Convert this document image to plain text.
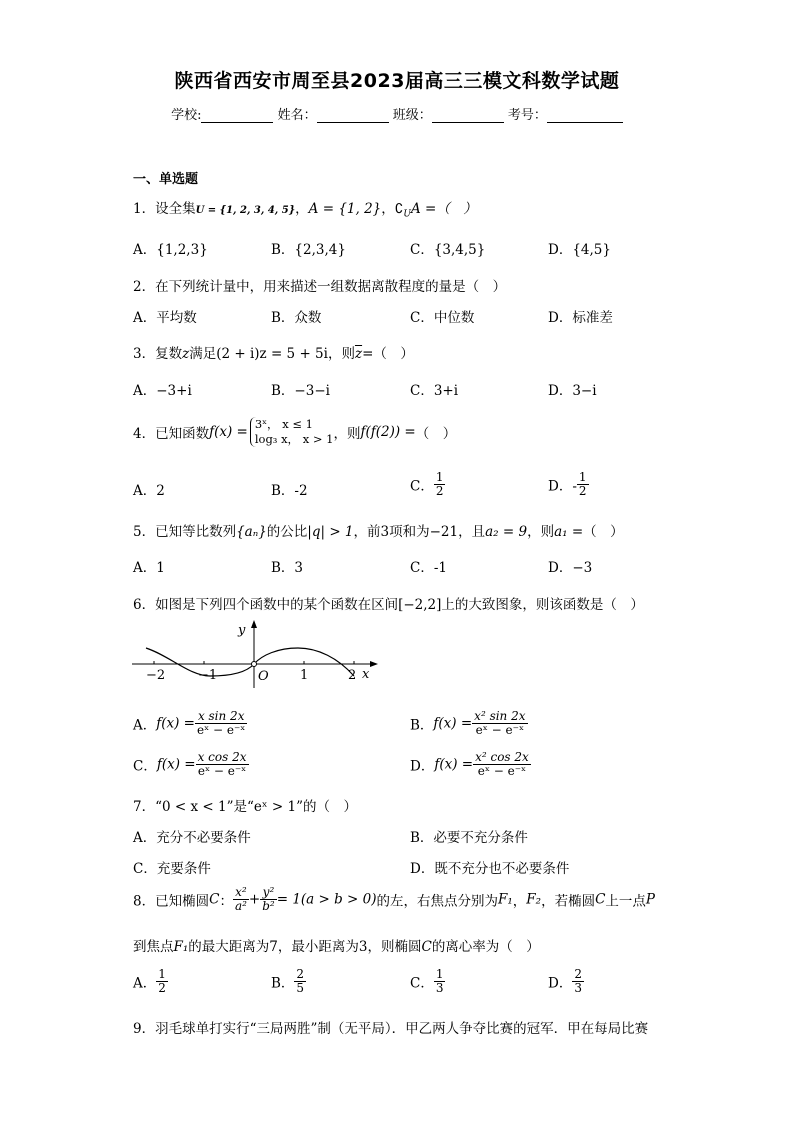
陕西省西安市周至县2023届高三三模文科数学试题
学校:	姓名：	班级：	考号：
一、单选题
1．设全集U = {1, 2, 3, 4, 5}，A = {1, 2}，$∁_UA$ =（　）
A．{1,2,3}	B．{2,3,4}	C．{3,4,5}	D．{4,5}
2．在下列统计量中，用来描述一组数据离散程度的量是（　）
A．平均数	B．众数	C．中位数	D．标准差
3．复数z满足(2 + i)z = 5 + 5i，则$\overline{z}=$（　）
A．−3+i	B．−3−i	C．3+i	D．3−i
4．已知函数f(x) = 3ˣ， x ≤ 1
log₃ x， x > 1 ，则f(f(2)) =（　）
A．2	B．-2	C． $\frac{1}{2}$	D．- $\frac{1}{2}$
5．已知等比数列{aₙ}的公比|q| > 1，前3项和为−21，且a₂ = 9，则a₁ =（　）
A．1	B．3	C．-1	D．−3
6．如图是下列四个函数中的某个函数在区间[−2,2]上的大致图象，则该函数是（　）
y
x
O
−2	−1	1	2
A．$f(x) = \frac{\text{x sin 2x}}{\text{eˣ − e⁻ˣ}}$	B．$f(x) = \frac{\text{x² sin 2x}}{\text{eˣ − e⁻ˣ}}$
C．$f(x) = \frac{\text{x cos 2x}}{\text{eˣ − e⁻ˣ}}$	D．$f(x) = \frac{\text{x² cos 2x}}{\text{eˣ − e⁻ˣ}}$
7．“0 < x < 1”是“eˣ > 1”的（　）
A．充分不必要条件	B．必要不充分条件
C．充要条件	D．既不充分也不必要条件
8．已知椭圆C： $\frac{\text{x²}}{\text{a²}} + \frac{\text{y²}}{\text{b²}} = 1(a > b > 0)$的左，右焦点分别为F₁，F₂，若椭圆C上一点P
到焦点F₁的最大距离为7，最小距离为3，则椭圆C的离心率为（　）
A． $\frac{1}{2}$	B． $\frac{2}{5}$	C． $\frac{1}{3}$	D． $\frac{2}{3}$
9．羽毛球单打实行“三局两胜”制（无平局）．甲乙两人争夺比赛的冠军．甲在每局比赛
